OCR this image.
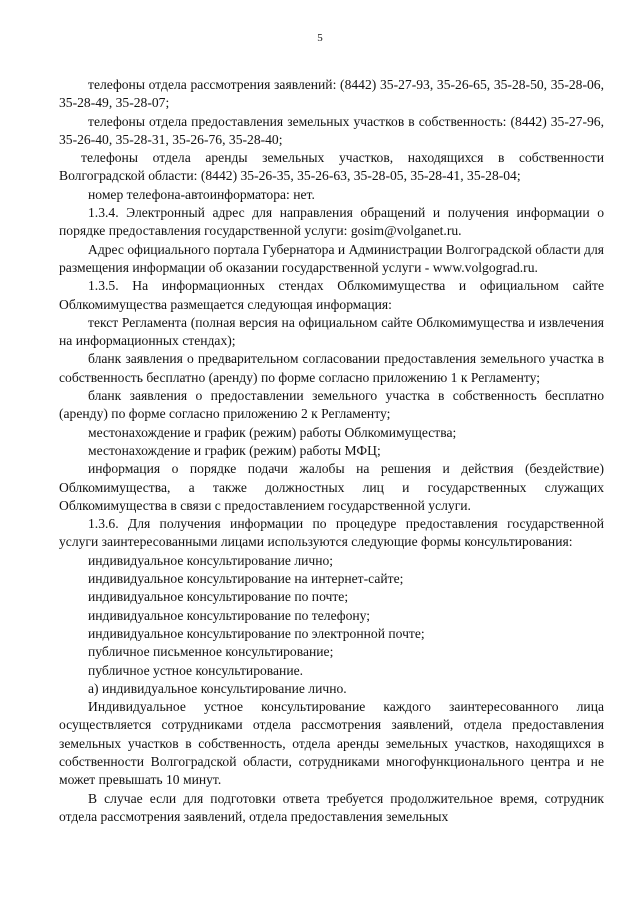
5

телефоны отдела рассмотрения заявлений: (8442) 35-27-93, 35-26-65, 35-28-50, 35-28-06, 35-28-49, 35-28-07;

телефоны отдела предоставления земельных участков в собственность: (8442) 35-27-96, 35-26-40, 35-28-31, 35-26-76, 35-28-40;

телефоны отдела аренды земельных участков, находящихся в собственности Волгоградской области: (8442) 35-26-35, 35-26-63, 35-28-05, 35-28-41, 35-28-04;

номер телефона-автоинформатора: нет.

1.3.4. Электронный адрес для направления обращений и получения информации о порядке предоставления государственной услуги: gosim@volganet.ru.

Адрес официального портала Губернатора и Администрации Волгоградской области для размещения информации об оказании государственной услуги - www.volgograd.ru.

1.3.5. На информационных стендах Облкомимущества и официальном сайте Облкомимущества размещается следующая информация:

текст Регламента (полная версия на официальном сайте Облкомимущества и извлечения на информационных стендах);

бланк заявления о предварительном согласовании предоставления земельного участка в собственность бесплатно (аренду) по форме согласно приложению 1 к Регламенту;

бланк заявления о предоставлении земельного участка в собственность бесплатно (аренду) по форме согласно приложению 2 к Регламенту;

местонахождение и график (режим) работы Облкомимущества;

местонахождение и график (режим) работы МФЦ;

информация о порядке подачи жалобы на решения и действия (бездействие) Облкомимущества, а также должностных лиц и государственных служащих Облкомимущества в связи с предоставлением государственной услуги.

1.3.6. Для получения информации по процедуре предоставления государственной услуги заинтересованными лицами используются следующие формы консультирования:

индивидуальное консультирование лично;

индивидуальное консультирование на интернет-сайте;

индивидуальное консультирование по почте;

индивидуальное консультирование по телефону;

индивидуальное консультирование по электронной почте;

публичное письменное консультирование;

публичное устное консультирование.

а) индивидуальное консультирование лично.

Индивидуальное устное консультирование каждого заинтересованного лица осуществляется сотрудниками отдела рассмотрения заявлений, отдела предоставления земельных участков в собственность, отдела аренды земельных участков, находящихся в собственности Волгоградской области, сотрудниками многофункционального центра и не может превышать 10 минут.

В случае если для подготовки ответа требуется продолжительное время, сотрудник отдела рассмотрения заявлений, отдела предоставления земельных
